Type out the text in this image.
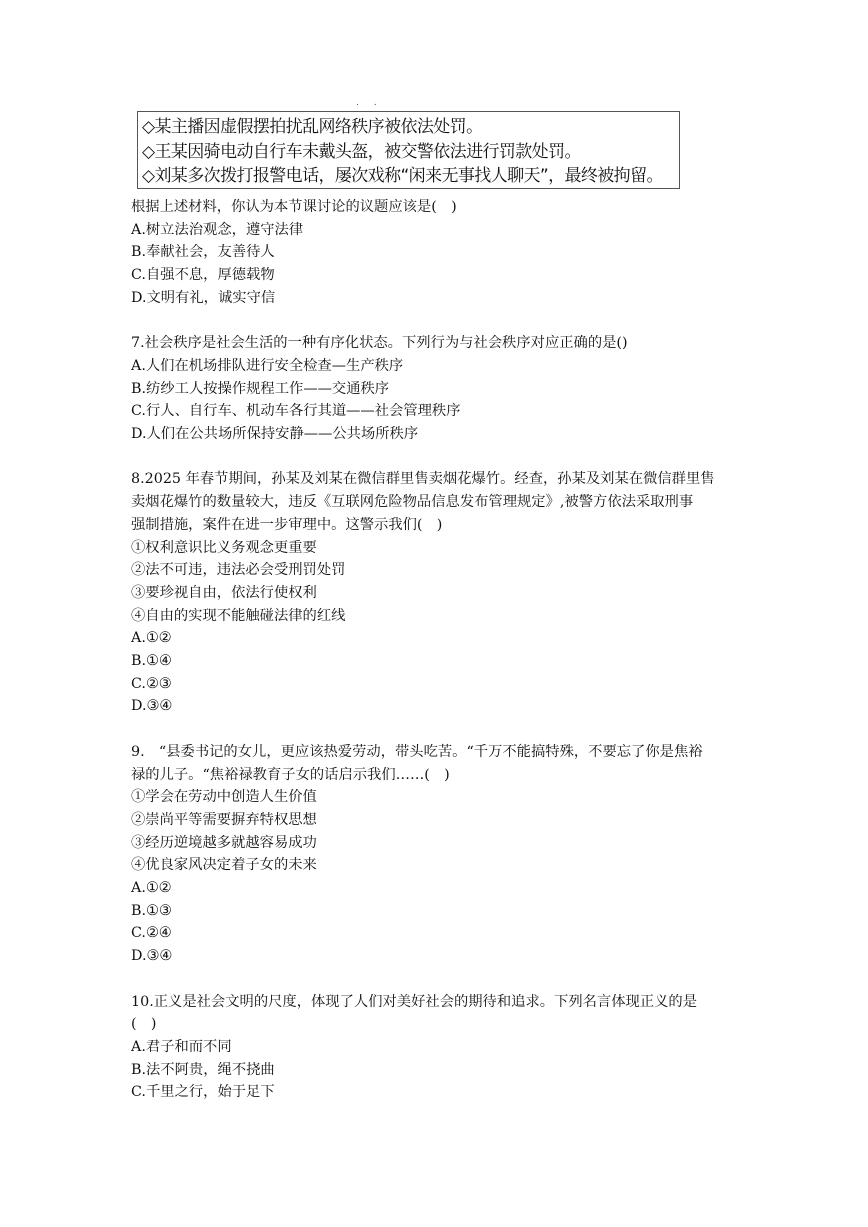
. .
◇某主播因虚假摆拍扰乱网络秩序被依法处罚。
◇王某因骑电动自行车未戴头盔，被交警依法进行罚款处罚。
◇刘某多次拨打报警电话，屡次戏称“闲来无事找人聊天”，最终被拘留。
根据上述材料，你认为本节课讨论的议题应该是(　)
A.树立法治观念，遵守法律
B.奉献社会，友善待人
C.自强不息，厚德载物
D.文明有礼，诚实守信
7.社会秩序是社会生活的一种有序化状态。下列行为与社会秩序对应正确的是()
A.人们在机场排队进行安全检查—生产秩序
B.纺纱工人按操作规程工作——交通秩序
C.行人、自行车、机动车各行其道——社会管理秩序
D.人们在公共场所保持安静——公共场所秩序
8.2025 年春节期间，孙某及刘某在微信群里售卖烟花爆竹。经查，孙某及刘某在微信群里售
卖烟花爆竹的数量较大，违反《互联网危险物品信息发布管理规定》,被警方依法采取刑事
强制措施，案件在进一步审理中。这警示我们(　)
①权利意识比义务观念更重要
②法不可违，违法必会受刑罚处罚
③要珍视自由，依法行使权利
④自由的实现不能触碰法律的红线
A.①②
B.①④
C.②③
D.③④
9.　“县委书记的女儿，更应该热爱劳动，带头吃苦。“千万不能搞特殊，不要忘了你是焦裕
禄的儿子。“焦裕禄教育子女的话启示我们……(　)
①学会在劳动中创造人生价值
②崇尚平等需要摒弃特权思想
③经历逆境越多就越容易成功
④优良家风决定着子女的未来
A.①②
B.①③
C.②④
D.③④
10.正义是社会文明的尺度，体现了人们对美好社会的期待和追求。下列名言体现正义的是
(　)
A.君子和而不同
B.法不阿贵，绳不挠曲
C.千里之行，始于足下
